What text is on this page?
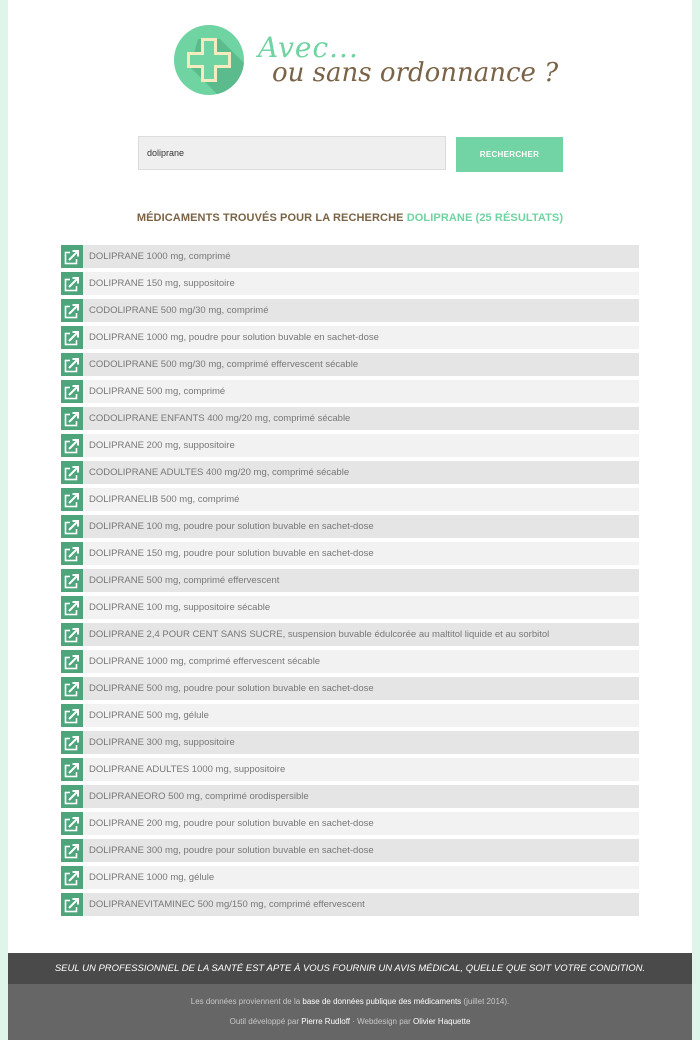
Avec...
ou sans ordonnance ?
doliprane
RECHERCHER
MÉDICAMENTS TROUVÉS POUR LA RECHERCHE DOLIPRANE (25 RÉSULTATS)
DOLIPRANE 1000 mg, comprimé
DOLIPRANE 150 mg, suppositoire
CODOLIPRANE 500 mg/30 mg, comprimé
DOLIPRANE 1000 mg, poudre pour solution buvable en sachet-dose
CODOLIPRANE 500 mg/30 mg, comprimé effervescent sécable
DOLIPRANE 500 mg, comprimé
CODOLIPRANE ENFANTS 400 mg/20 mg, comprimé sécable
DOLIPRANE 200 mg, suppositoire
CODOLIPRANE ADULTES 400 mg/20 mg, comprimé sécable
DOLIPRANELIB 500 mg, comprimé
DOLIPRANE 100 mg, poudre pour solution buvable en sachet-dose
DOLIPRANE 150 mg, poudre pour solution buvable en sachet-dose
DOLIPRANE 500 mg, comprimé effervescent
DOLIPRANE 100 mg, suppositoire sécable
DOLIPRANE 2,4 POUR CENT SANS SUCRE, suspension buvable édulcorée au maltitol liquide et au sorbitol
DOLIPRANE 1000 mg, comprimé effervescent sécable
DOLIPRANE 500 mg, poudre pour solution buvable en sachet-dose
DOLIPRANE 500 mg, gélule
DOLIPRANE 300 mg, suppositoire
DOLIPRANE ADULTES 1000 mg, suppositoire
DOLIPRANEORO 500 mg, comprimé orodispersible
DOLIPRANE 200 mg, poudre pour solution buvable en sachet-dose
DOLIPRANE 300 mg, poudre pour solution buvable en sachet-dose
DOLIPRANE 1000 mg, gélule
DOLIPRANEVITAMINEC 500 mg/150 mg, comprimé effervescent
SEUL UN PROFESSIONNEL DE LA SANTÉ EST APTE À VOUS FOURNIR UN AVIS MÉDICAL, QUELLE QUE SOIT VOTRE CONDITION.
Les données proviennent de la base de données publique des médicaments (juillet 2014).
Outil développé par Pierre Rudloff · Webdesign par Olivier Haquette
